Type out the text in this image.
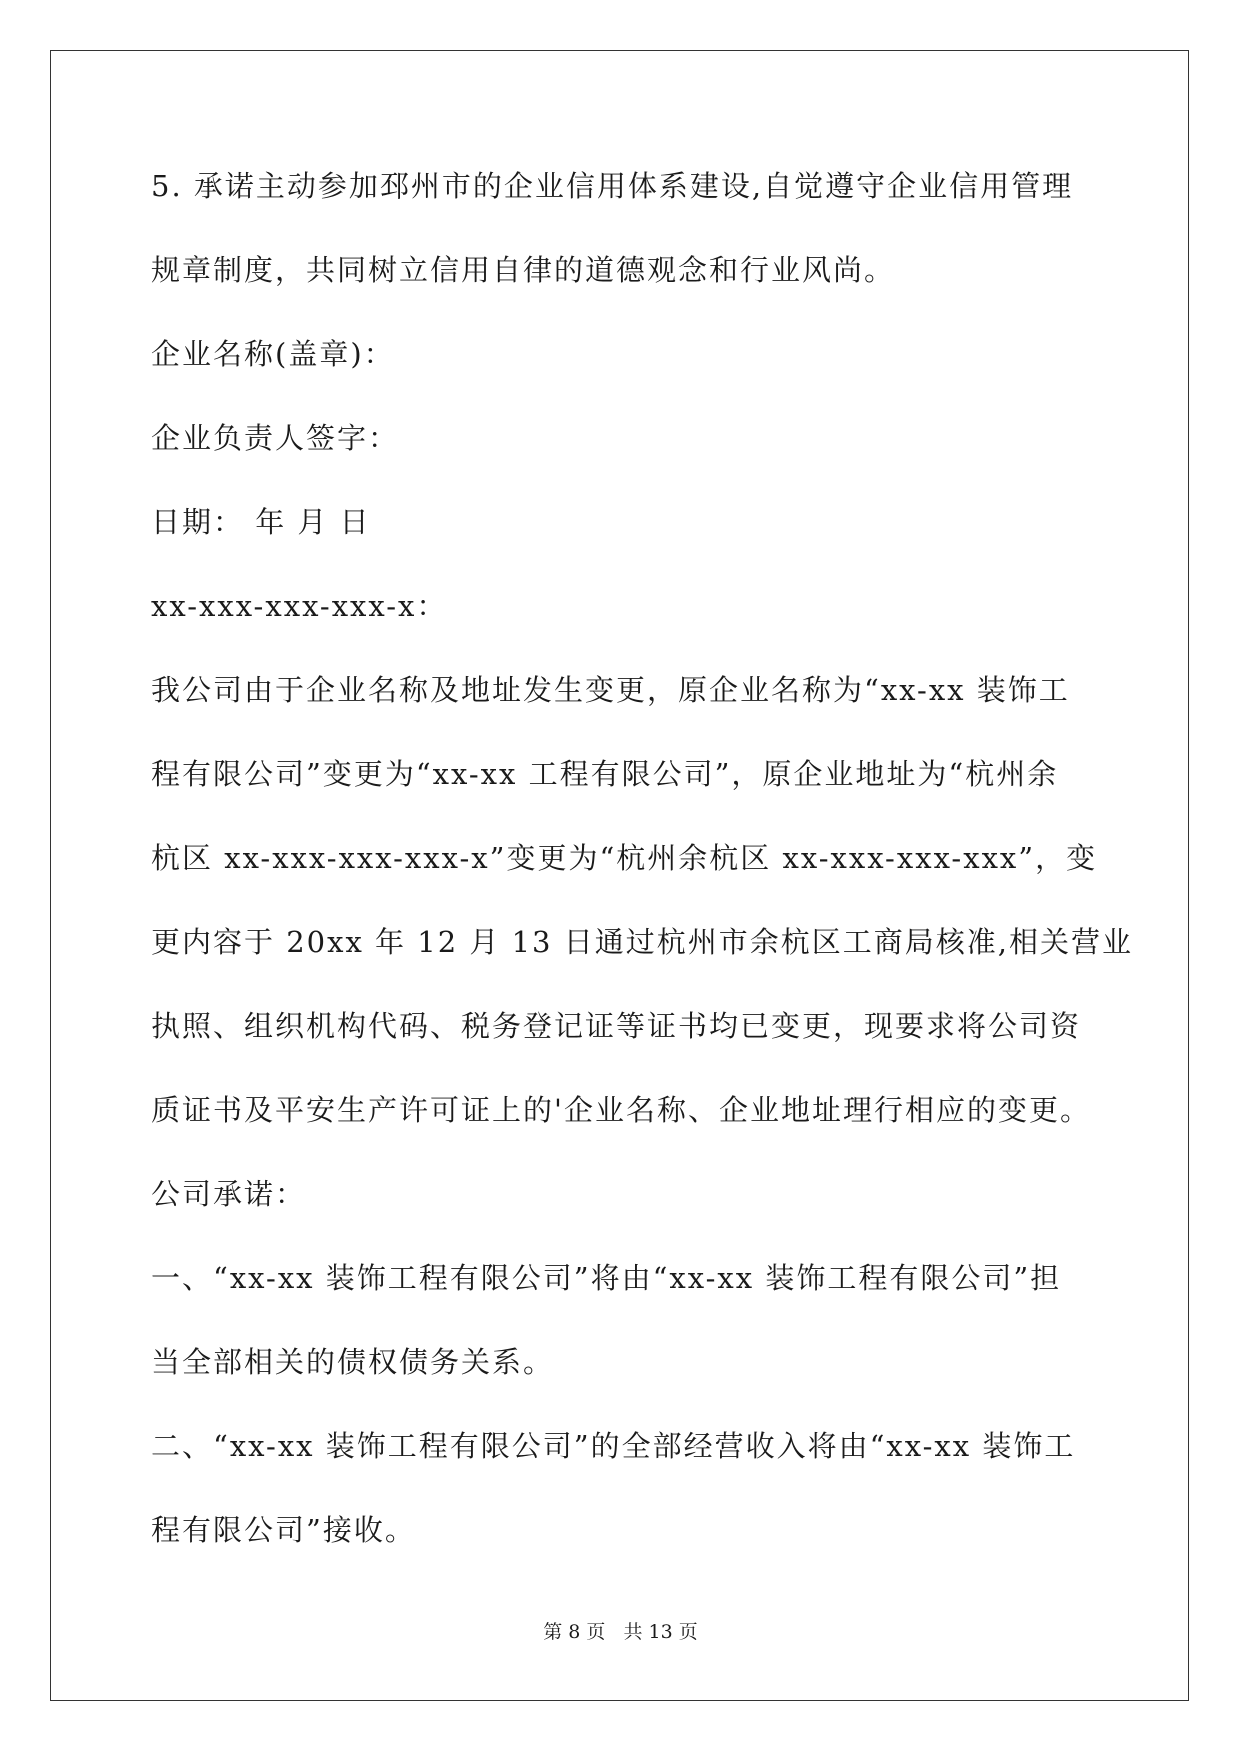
5. 承诺主动参加邳州市的企业信用体系建设,自觉遵守企业信用管理
规章制度，共同树立信用自律的道德观念和行业风尚。
企业名称(盖章)：
企业负责人签字：
日期： 年 月 日
xx-xxx-xxx-xxx-x：
我公司由于企业名称及地址发生变更，原企业名称为“xx-xx 装饰工
程有限公司”变更为“xx-xx 工程有限公司”，原企业地址为“杭州余
杭区 xx-xxx-xxx-xxx-x”变更为“杭州余杭区 xx-xxx-xxx-xxx”，变
更内容于 20xx 年 12 月 13 日通过杭州市余杭区工商局核准,相关营业
执照、组织机构代码、税务登记证等证书均已变更，现要求将公司资
质证书及平安生产许可证上的'企业名称、企业地址理行相应的变更。
公司承诺：
一、“xx-xx 装饰工程有限公司”将由“xx-xx 装饰工程有限公司”担
当全部相关的债权债务关系。
二、“xx-xx 装饰工程有限公司”的全部经营收入将由“xx-xx 装饰工
程有限公司”接收。
第 8 页 共 13 页
